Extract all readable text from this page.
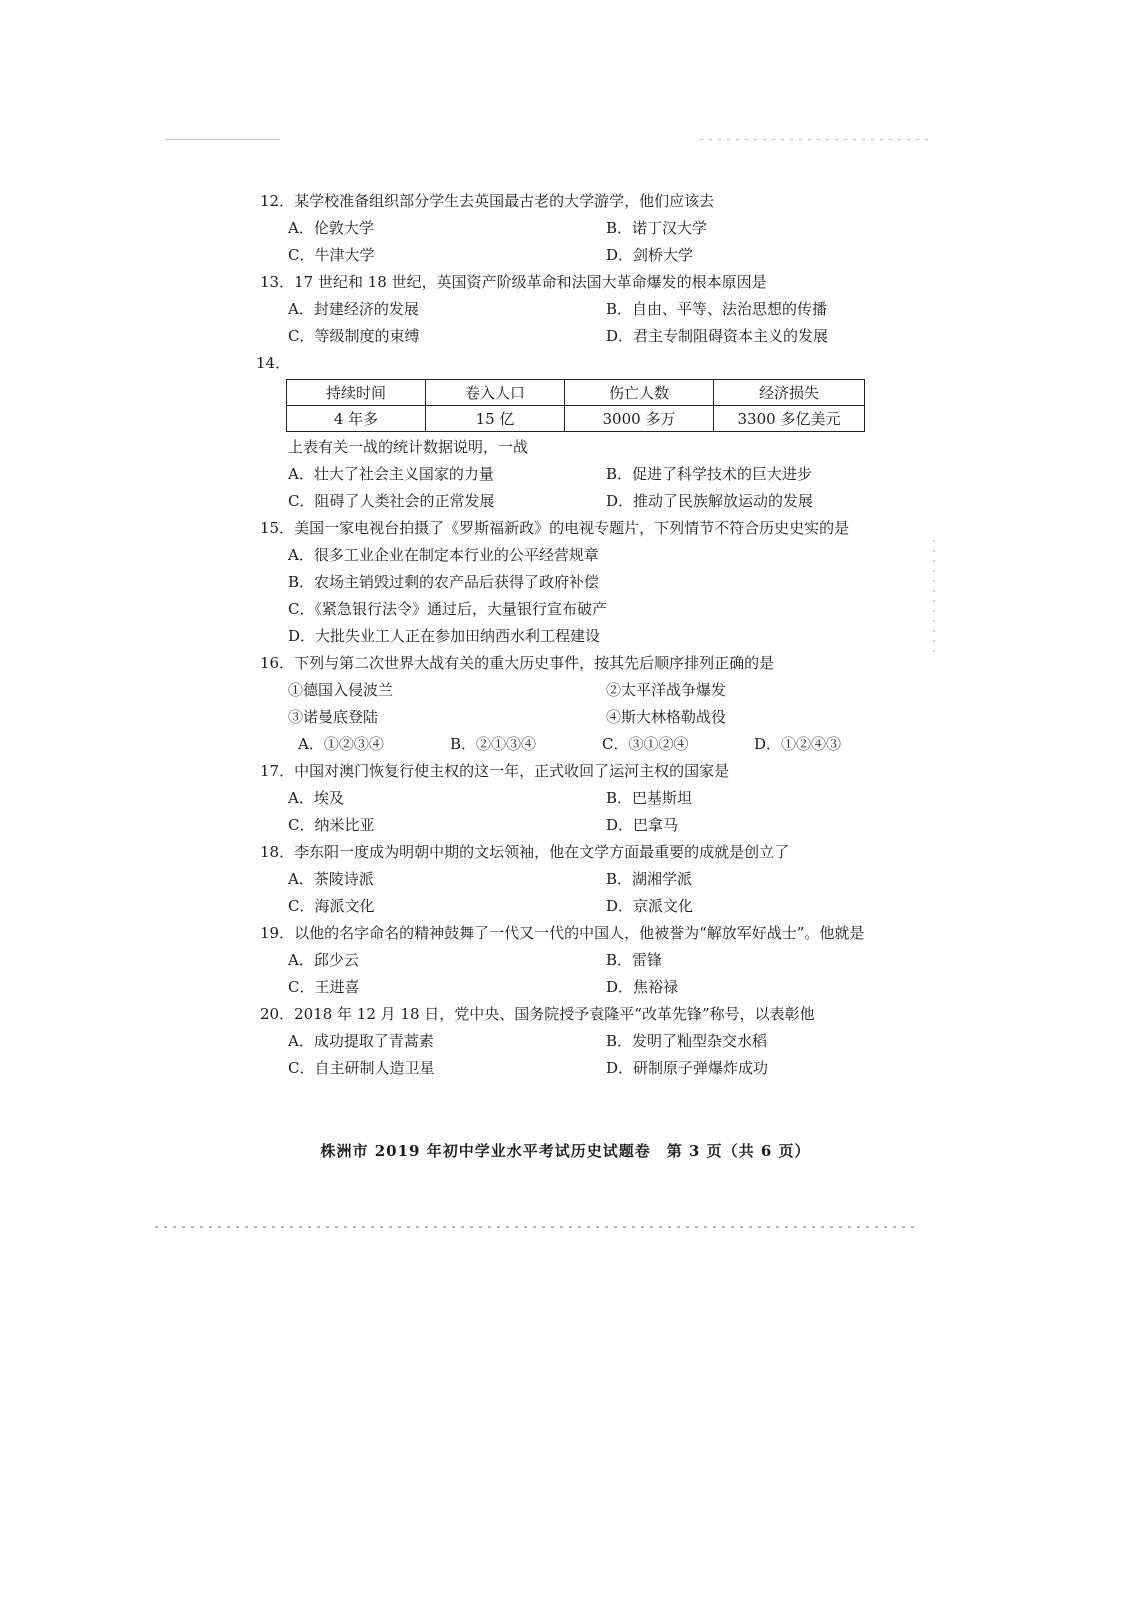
12．某学校准备组织部分学生去英国最古老的大学游学，他们应该去
A．伦敦大学	B．诺丁汉大学
C．牛津大学	D．剑桥大学
13．17 世纪和 18 世纪，英国资产阶级革命和法国大革命爆发的根本原因是
A．封建经济的发展	B．自由、平等、法治思想的传播
C．等级制度的束缚	D．君主专制阻碍资本主义的发展
14．
持续时间	卷入人口	伤亡人数	经济损失
4 年多	15 亿	3000 多万	3300 多亿美元
上表有关一战的统计数据说明，一战
A．壮大了社会主义国家的力量	B．促进了科学技术的巨大进步
C．阻碍了人类社会的正常发展	D．推动了民族解放运动的发展
15．美国一家电视台拍摄了《罗斯福新政》的电视专题片，下列情节不符合历史史实的是
A．很多工业企业在制定本行业的公平经营规章
B．农场主销毁过剩的农产品后获得了政府补偿
C．《紧急银行法令》通过后，大量银行宣布破产
D．大批失业工人正在参加田纳西水利工程建设
16．下列与第二次世界大战有关的重大历史事件，按其先后顺序排列正确的是
①德国入侵波兰	②太平洋战争爆发
③诺曼底登陆	④斯大林格勒战役
A．①②③④	B．②①③④	C．③①②④	D．①②④③
17．中国对澳门恢复行使主权的这一年，正式收回了运河主权的国家是
A．埃及	B．巴基斯坦
C．纳米比亚	D．巴拿马
18．李东阳一度成为明朝中期的文坛领袖，他在文学方面最重要的成就是创立了
A．茶陵诗派	B．湖湘学派
C．海派文化	D．京派文化
19．以他的名字命名的精神鼓舞了一代又一代的中国人，他被誉为“解放军好战士”。他就是
A．邱少云	B．雷锋
C．王进喜	D．焦裕禄
20．2018 年 12 月 18 日，党中央、国务院授予袁隆平“改革先锋”称号，以表彰他
A．成功提取了青蒿素	B．发明了籼型杂交水稻
C．自主研制人造卫星	D．研制原子弹爆炸成功
株洲市 2019 年初中学业水平考试历史试题卷　第 3 页（共 6 页）
